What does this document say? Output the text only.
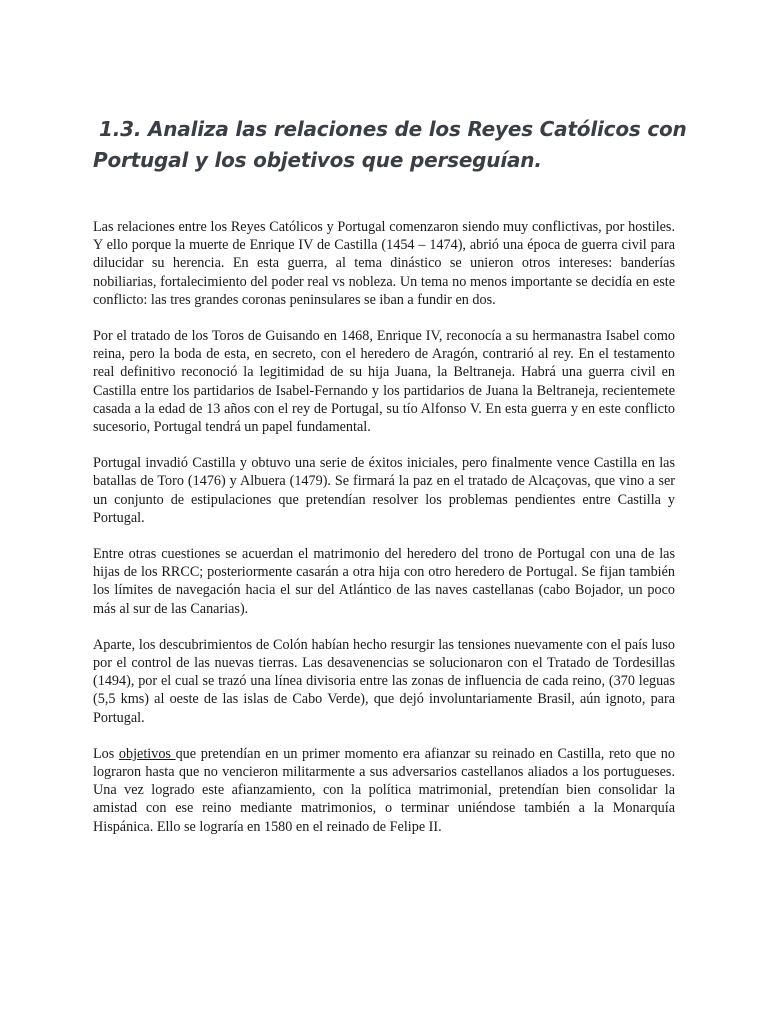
1.3. Analiza las relaciones de los Reyes Católicos con Portugal y los objetivos que perseguían.

Las relaciones entre los Reyes Católicos y Portugal comenzaron siendo muy conflictivas, por hostiles. Y ello porque la muerte de Enrique IV de Castilla (1454 – 1474), abrió una época de guerra civil para dilucidar su herencia. En esta guerra, al tema dinástico se unieron otros intereses: banderías nobiliarias, fortalecimiento del poder real vs nobleza. Un tema no menos importante se decidía en este conflicto: las tres grandes coronas peninsulares se iban a fundir en dos.

Por el tratado de los Toros de Guisando en 1468, Enrique IV, reconocía a su hermanastra Isabel como reina, pero la boda de esta, en secreto, con el heredero de Aragón, contrarió al rey. En el testamento real definitivo reconoció la legitimidad de su hija Juana, la Beltraneja. Habrá una guerra civil en Castilla entre los partidarios de Isabel-Fernando y los partidarios de Juana la Beltraneja, recientemete casada a la edad de 13 años con el rey de Portugal, su tío Alfonso V. En esta guerra y en este conflicto sucesorio, Portugal tendrá un papel fundamental.

Portugal invadió Castilla y obtuvo una serie de éxitos iniciales, pero finalmente vence Castilla en las batallas de Toro (1476) y Albuera (1479). Se firmará la paz en el tratado de Alcaçovas, que vino a ser un conjunto de estipulaciones que pretendían resolver los problemas pendientes entre Castilla y Portugal.

Entre otras cuestiones se acuerdan el matrimonio del heredero del trono de Portugal con una de las hijas de los RRCC; posteriormente casarán a otra hija con otro heredero de Portugal. Se fijan también los límites de navegación hacia el sur del Atlántico de las naves castellanas (cabo Bojador, un poco más al sur de las Canarias).

Aparte, los descubrimientos de Colón habían hecho resurgir las tensiones nuevamente con el país luso por el control de las nuevas tierras. Las desavenencias se solucionaron con el Tratado de Tordesillas (1494), por el cual se trazó una línea divisoria entre las zonas de influencia de cada reino, (370 leguas (5,5 kms) al oeste de las islas de Cabo Verde), que dejó involuntariamente Brasil, aún ignoto, para Portugal.

Los objetivos que pretendían en un primer momento era afianzar su reinado en Castilla, reto que no lograron hasta que no vencieron militarmente a sus adversarios castellanos aliados a los portugueses. Una vez logrado este afianzamiento, con la política matrimonial, pretendían bien consolidar la amistad con ese reino mediante matrimonios, o terminar uniéndose también a la Monarquía Hispánica. Ello se lograría en 1580 en el reinado de Felipe II.
